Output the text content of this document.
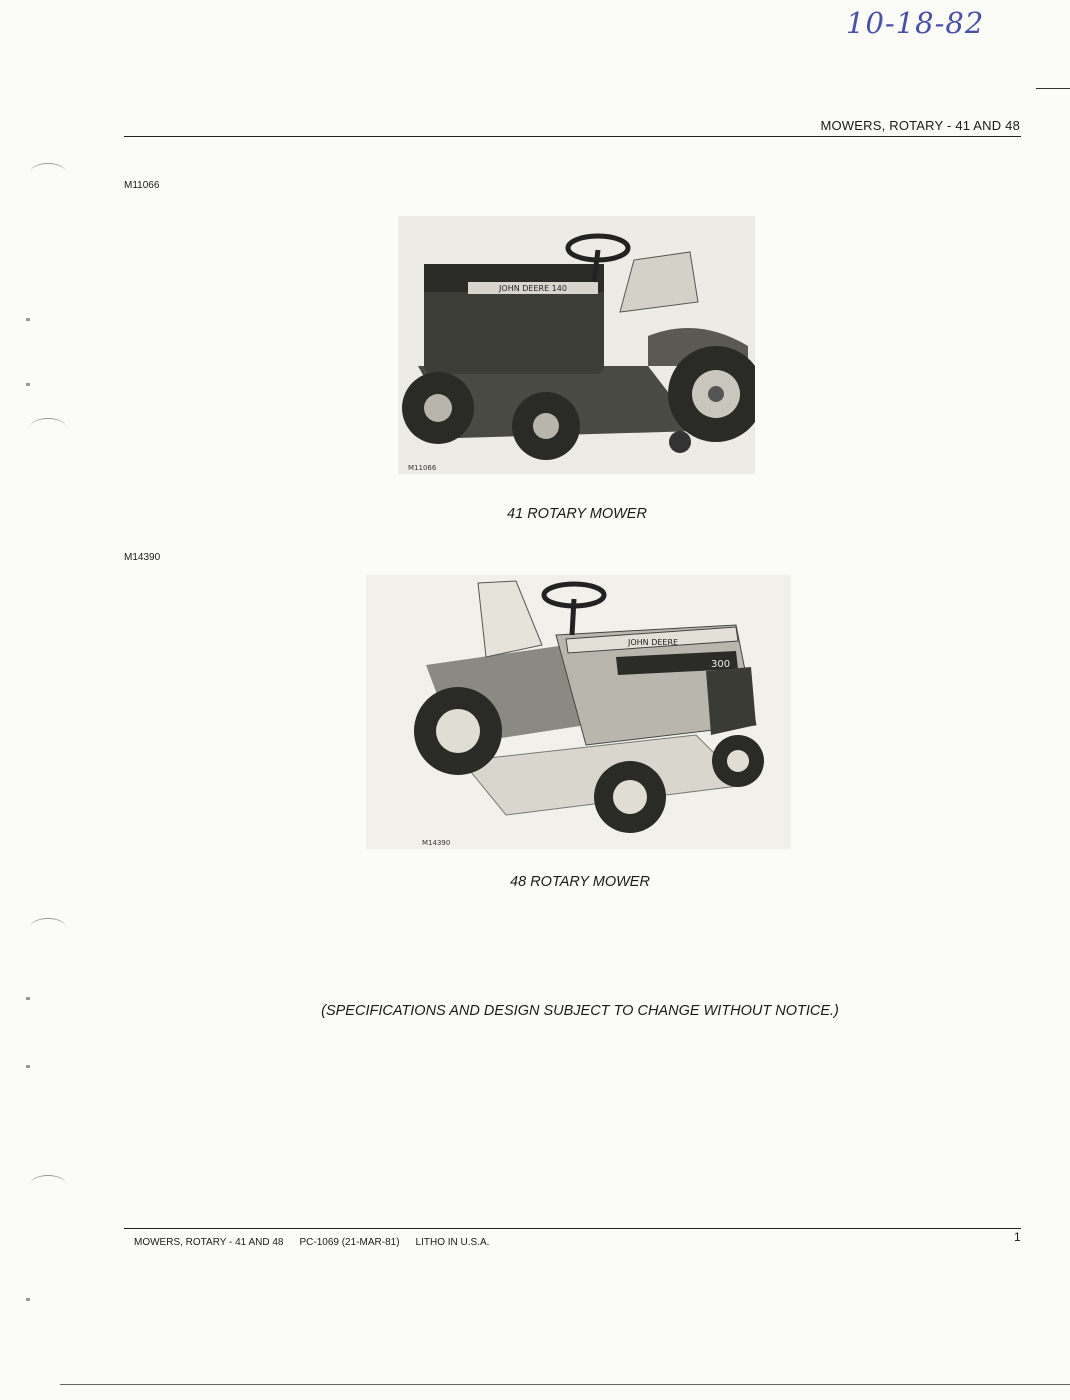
10-18-82
MOWERS, ROTARY - 41 AND 48
M11066
JOHN DEERE 140
M11066
41 ROTARY MOWER
M14390
JOHN DEERE
300
M14390
48 ROTARY MOWER
(SPECIFICATIONS AND DESIGN SUBJECT TO CHANGE WITHOUT NOTICE.)
MOWERS, ROTARY - 41 AND 48 PC-1069 (21-MAR-81) LITHO IN U.S.A.	1
